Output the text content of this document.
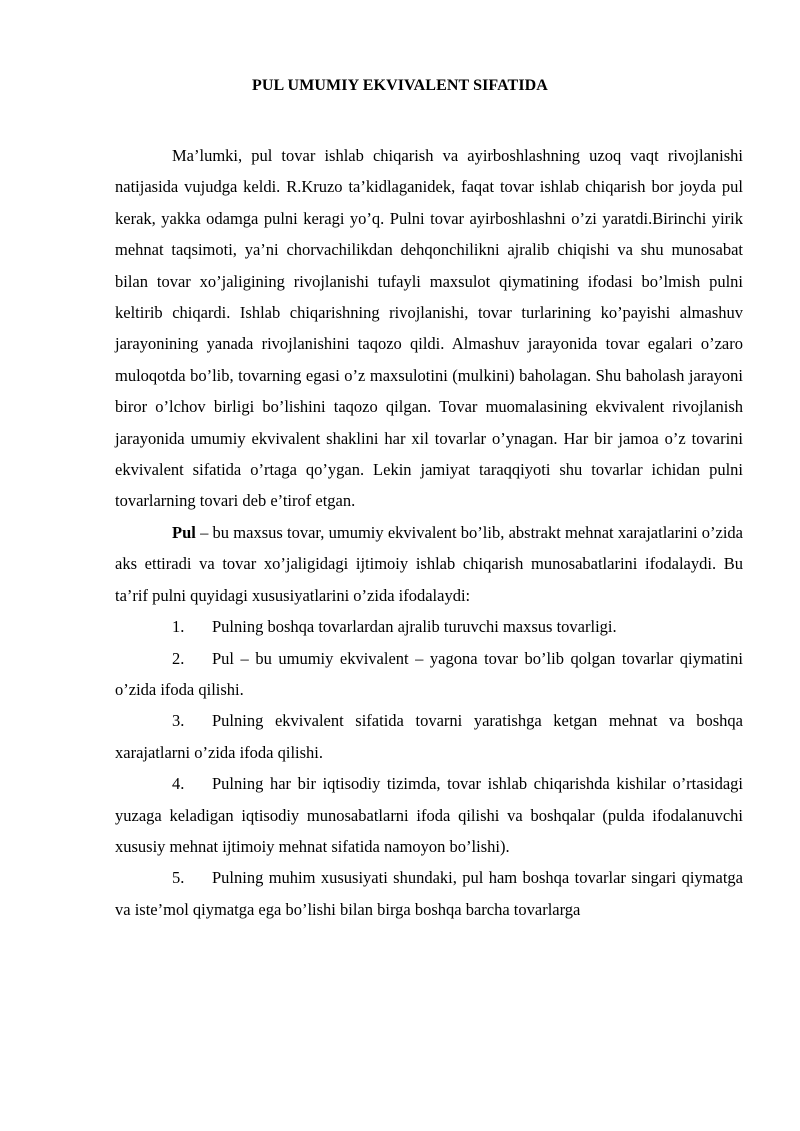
PUL UMUMIY EKVIVALENT SIFATIDA

Ma’lumki, pul tovar ishlab chiqarish va ayirboshlashning uzoq vaqt rivojlanishi natijasida vujudga keldi. R.Kruzo ta’kidlaganidek, faqat tovar ishlab chiqarish bor joyda pul kerak, yakka odamga pulni keragi yo’q. Pulni tovar ayirboshlashni o’zi yaratdi.Birinchi yirik mehnat taqsimoti, ya’ni chorvachilikdan dehqonchilikni ajralib chiqishi va shu munosabat bilan tovar xo’jaligining rivojlanishi tufayli maxsulot qiymatining ifodasi bo’lmish pulni keltirib chiqardi. Ishlab chiqarishning rivojlanishi, tovar turlarining ko’payishi almashuv jarayonining yanada rivojlanishini taqozo qildi. Almashuv jarayonida tovar egalari o’zaro muloqotda bo’lib, tovarning egasi o’z maxsulotini (mulkini) baholagan. Shu baholash jarayoni biror o’lchov birligi bo’lishini taqozo qilgan. Tovar muomalasining ekvivalent rivojlanish jarayonida umumiy ekvivalent shaklini har xil tovarlar o’ynagan. Har bir jamoa o’z tovarini ekvivalent sifatida o’rtaga qo’ygan. Lekin jamiyat taraqqiyoti shu tovarlar ichidan pulni tovarlarning tovari deb e’tirof etgan.

Pul – bu maxsus tovar, umumiy ekvivalent bo’lib, abstrakt mehnat xarajatlarini o’zida aks ettiradi va tovar xo’jaligidagi ijtimoiy ishlab chiqarish munosabatlarini ifodalaydi. Bu ta’rif pulni quyidagi xususiyatlarini o’zida ifodalaydi:

1. Pulning boshqa tovarlardan ajralib turuvchi maxsus tovarligi.

2. Pul – bu umumiy ekvivalent – yagona tovar bo’lib qolgan tovarlar qiymatini o’zida ifoda qilishi.

3. Pulning ekvivalent sifatida tovarni yaratishga ketgan mehnat va boshqa xarajatlarni o’zida ifoda qilishi.

4. Pulning har bir iqtisodiy tizimda, tovar ishlab chiqarishda kishilar o’rtasidagi yuzaga keladigan iqtisodiy munosabatlarni ifoda qilishi va boshqalar (pulda ifodalanuvchi xususiy mehnat ijtimoiy mehnat sifatida namoyon bo’lishi).

5. Pulning muhim xususiyati shundaki, pul ham boshqa tovarlar singari qiymatga va iste’mol qiymatga ega bo’lishi bilan birga boshqa barcha tovarlarga
